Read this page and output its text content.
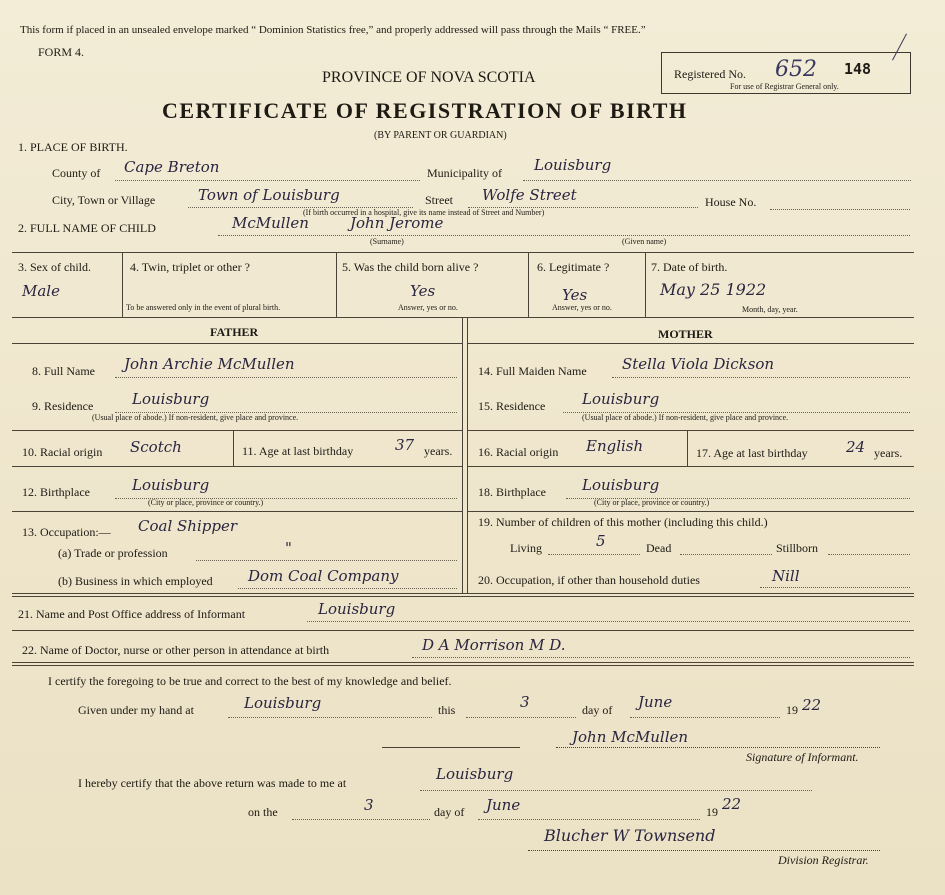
This form if placed in an unsealed envelope marked “ Dominion Statistics free,” and properly addressed will pass through the Mails “ FREE.”
FORM 4.
PROVINCE OF NOVA SCOTIA
CERTIFICATE OF REGISTRATION OF BIRTH
(BY PARENT OR GUARDIAN)
Registered No. 652 148
For use of Registrar General only.
1. PLACE OF BIRTH.
County of Cape Breton	Municipality of Louisburg
City, Town or Village	Town of Louisburg	Street Wolfe Street
(If birth occurred in a hospital, give its name instead of Street and Number)
House No.
2. FULL NAME OF CHILD	McMullen	John Jerome
(Surname)	(Given name)
3. Sex of child.
Male
4. Twin, triplet or other ?
To be answered only in the event of plural birth.
5. Was the child born alive ?
Yes
Answer, yes or no.
6. Legitimate ?
Yes
Answer, yes or no.
7. Date of birth.
May 25 1922
Month, day, year.
FATHER	MOTHER
8. Full Name John Archie McMullen
9. Residence	Louisburg
(Usual place of abode.) If non-resident, give place and province.
10. Racial origin Scotch	11. Age at last birthday	37 years.
12. Birthplace	Louisburg
(City or place, province or country.)
13. Occupation:— Coal Shipper
(a) Trade or profession	"
(b) Business in which employed Dom Coal Company
14. Full Maiden Name Stella Viola Dickson
15. Residence Louisburg
(Usual place of abode.) If non-resident, give place and province.
16. Racial origin English	17. Age at last birthday	24 years.
18. Birthplace Louisburg
(City or place, province or country.)
19. Number of children of this mother (including this child.)
Living	5	Dead	Stillborn
20. Occupation, if other than household duties	Nill
21. Name and Post Office address of Informant	Louisburg
22. Name of Doctor, nurse or other person in attendance at birth	D A Morrison M D.
I certify the foregoing to be true and correct to the best of my knowledge and belief.
Given under my hand at	Louisburg	this	3	day of June	19 22
John McMullen
Signature of Informant.
I hereby certify that the above return was made to me at	Louisburg
on the	3	day of June	19 22
Blucher W Townsend
Division Registrar.
